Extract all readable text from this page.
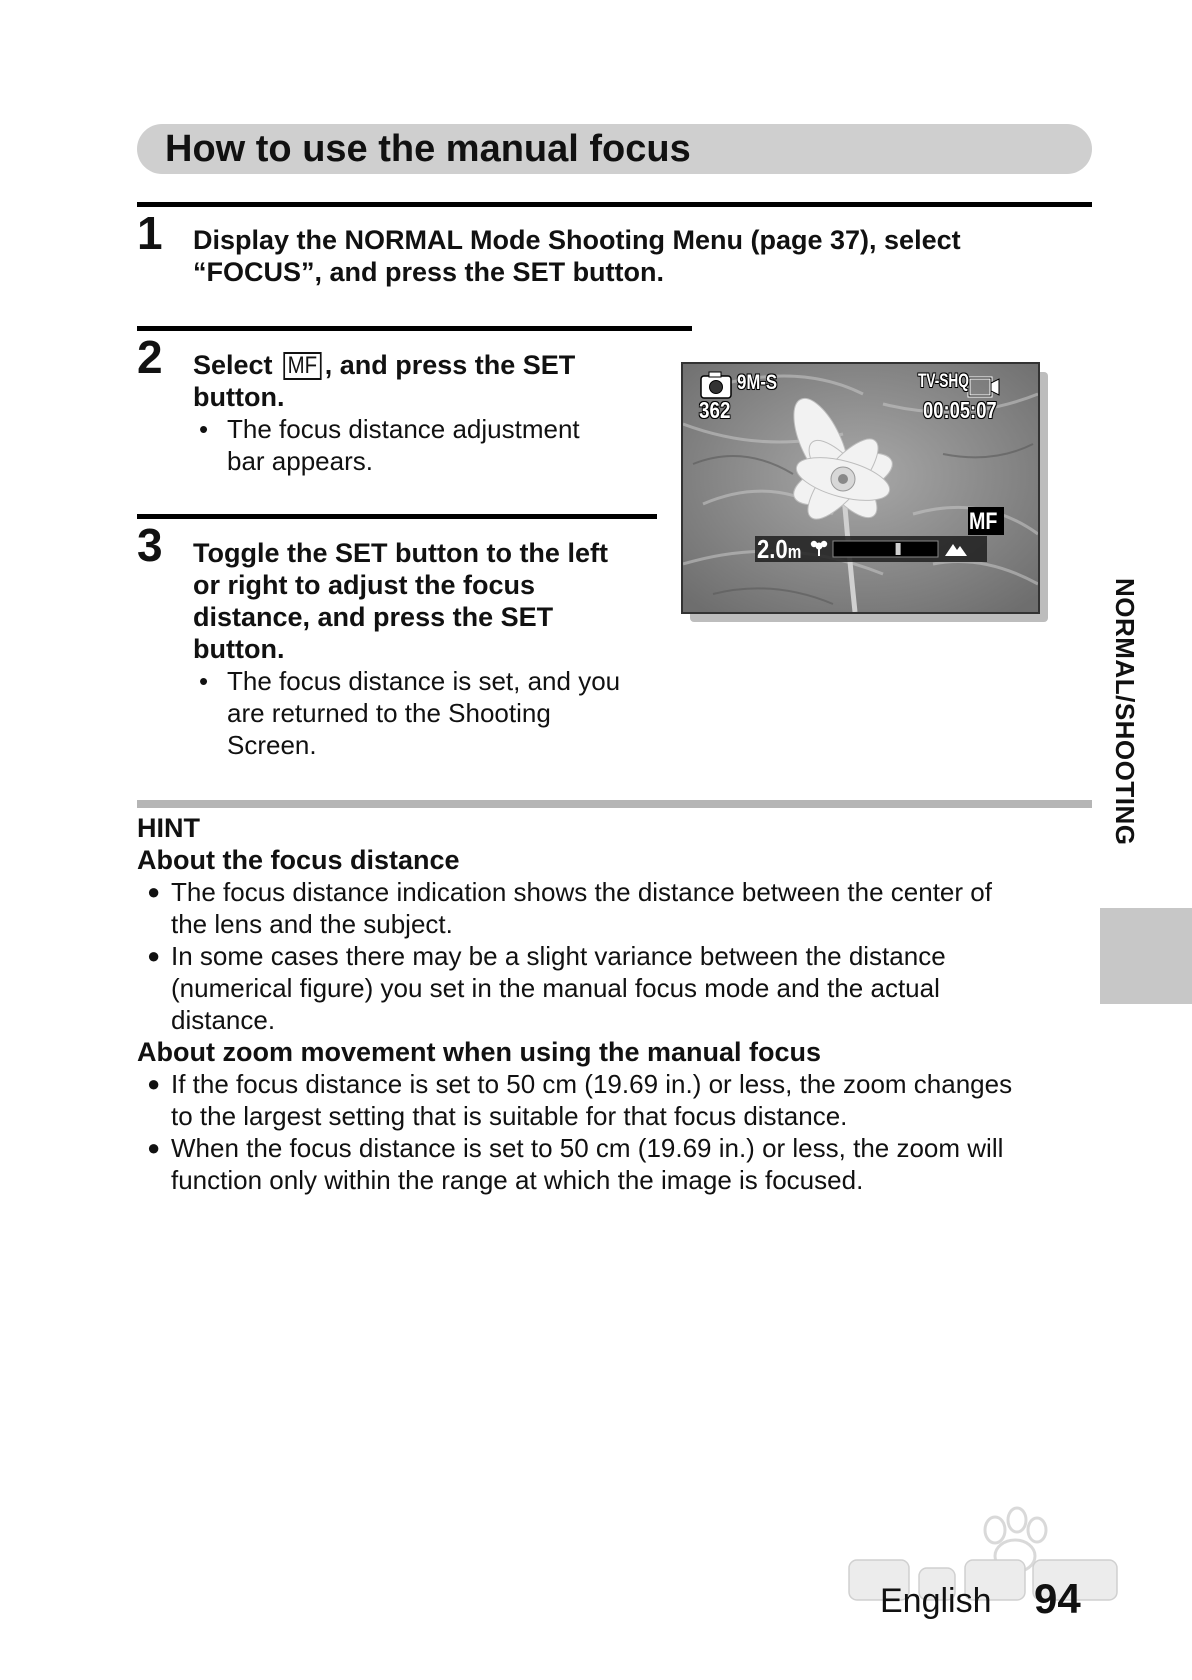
How to use the manual focus
1 Display the NORMAL Mode Shooting Menu (page 37), select
“FOCUS”, and press the SET button.
2 Select MF , and press the SET
button.
• The focus distance adjustment
bar appears.
3 Toggle the SET button to the left
or right to adjust the focus
distance, and press the SET
button.
• The focus distance is set, and you
are returned to the Shooting
Screen.
9M-S
362
TV-SHQ
00:05:07
MF
2.0m
HINT
About the focus distance
● The focus distance indication shows the distance between the center of
the lens and the subject.
● In some cases there may be a slight variance between the distance
(numerical figure) you set in the manual focus mode and the actual
distance.
About zoom movement when using the manual focus
● If the focus distance is set to 50 cm (19.69 in.) or less, the zoom changes
to the largest setting that is suitable for that focus distance.
● When the focus distance is set to 50 cm (19.69 in.) or less, the zoom will
function only within the range at which the image is focused.
NORMAL/SHOOTING
English 94
